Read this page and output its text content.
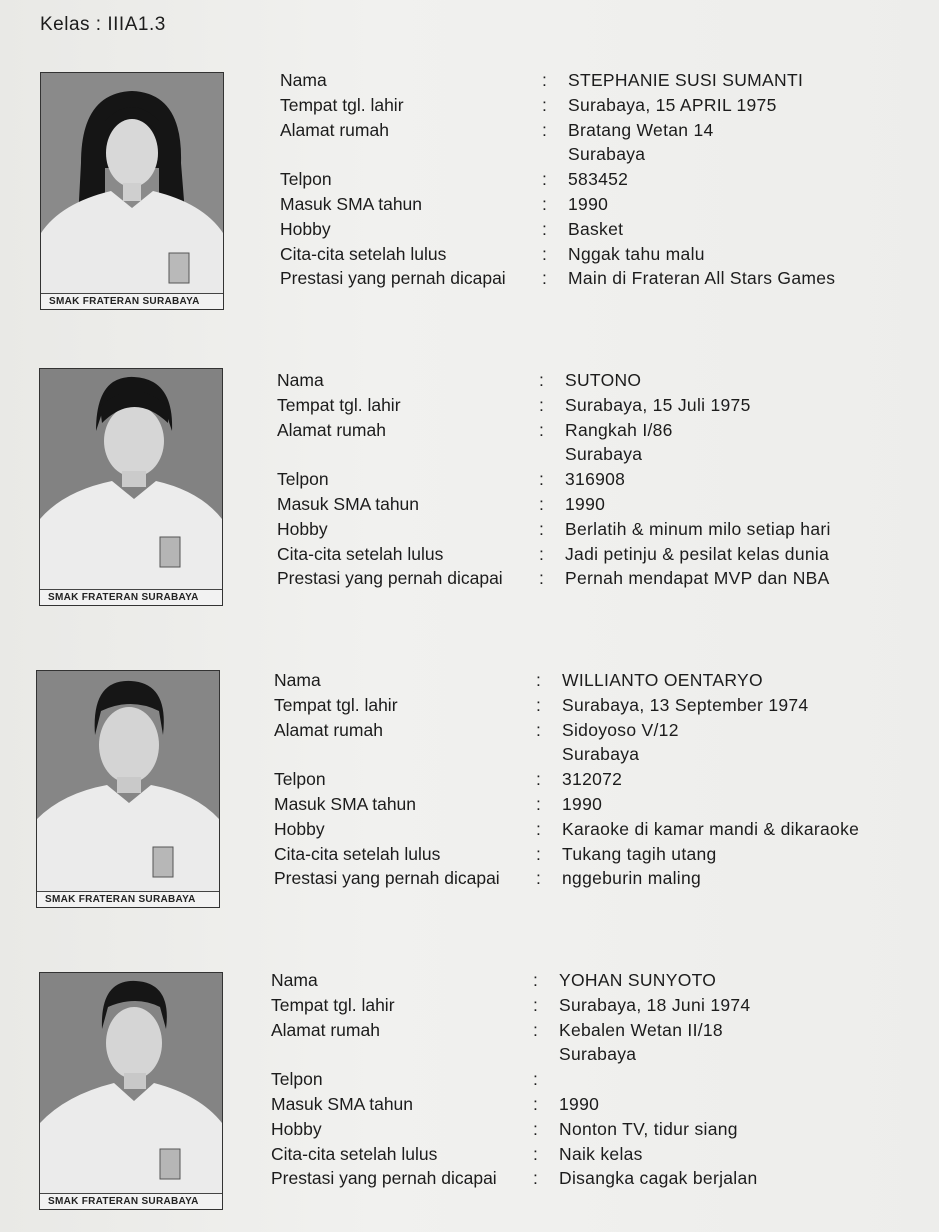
Kelas : IIIA1.3
SMAK FRATERAN SURABAYA
Nama	: STEPHANIE SUSI SUMANTI
Tempat tgl. lahir	: Surabaya, 15 APRIL 1975
Alamat rumah	: Bratang Wetan 14
Surabaya
Telpon	: 583452
Masuk SMA tahun	: 1990
Hobby	: Basket
Cita-cita setelah lulus	: Nggak tahu malu
Prestasi yang pernah dicapai : Main di Frateran All Stars Games
SMAK FRATERAN SURABAYA
Nama	: SUTONO
Tempat tgl. lahir	: Surabaya, 15 Juli 1975
Alamat rumah	: Rangkah I/86
Surabaya
Telpon	: 316908
Masuk SMA tahun	: 1990
Hobby	: Berlatih & minum milo setiap hari
Cita-cita setelah lulus	: Jadi petinju & pesilat kelas dunia
Prestasi yang pernah dicapai : Pernah mendapat MVP dan NBA
SMAK FRATERAN SURABAYA
Nama	: WILLIANTO OENTARYO
Tempat tgl. lahir	: Surabaya, 13 September 1974
Alamat rumah	: Sidoyoso V/12
Surabaya
Telpon	: 312072
Masuk SMA tahun	: 1990
Hobby	: Karaoke di kamar mandi & dikaraoke
Cita-cita setelah lulus	: Tukang tagih utang
Prestasi yang pernah dicapai : nggeburin maling
SMAK FRATERAN SURABAYA
Nama	: YOHAN SUNYOTO
Tempat tgl. lahir	: Surabaya, 18 Juni 1974
Alamat rumah	: Kebalen Wetan II/18
Surabaya
Telpon	:
Masuk SMA tahun	: 1990
Hobby	: Nonton TV, tidur siang
Cita-cita setelah lulus	: Naik kelas
Prestasi yang pernah dicapai : Disangka cagak berjalan
